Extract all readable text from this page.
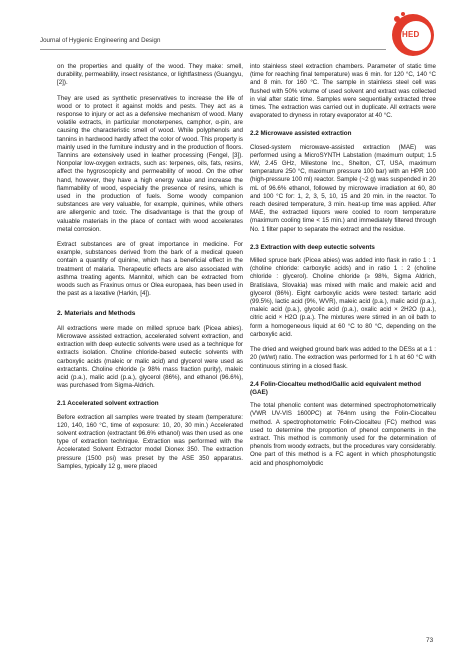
Journal of Hygienic Engineering and Design
HED

on the properties and quality of the wood. They make: smell, durability, permeability, insect resistance, or lightfastness (Guangyu, [2]).

They are used as synthetic preservatives to increase the life of wood or to protect it against molds and pests. They act as a response to injury or act as a defensive mechanism of wood. Many volatile extracts, in particular monoterpenes, camphor, α-pin, are causing the characteristic smell of wood. While polyphenols and tannins in hardwood hardly affect the color of wood. This property is mainly used in the furniture industry and in the production of floors. Tannins are extensively used in leather processing (Fengel, [3]). Nonpolar low-oxygen extracts, such as: terpenes, oils, fats, resins, affect the hygroscopicity and permeability of wood. On the other hand, however, they have a high energy value and increase the flammability of wood, especially the presence of resins, which is used in the production of fuels. Some woody companion substances are very valuable, for example, quinines, while others are allergenic and toxic. The disadvantage is that the group of valuable materials in the place of contact with wood accelerates metal corrosion.

Extract substances are of great importance in medicine. For example, substances derived from the bark of a medical queen contain a quantity of quinine, which has a beneficial effect in the treatment of malaria. Therapeutic effects are also associated with asthma treating agents. Mannitol, which can be extracted from woods such as Fraxinus ornus or Olea europaea, has been used in the past as a laxative (Harkin, [4]).

2. Materials and Methods

All extractions were made on milled spruce bark (Picea abies). Microwave assisted extraction, accelerated solvent extraction, and extraction with deep eutectic solvents were used as a technique for extracts isolation. Choline chloride-based eutectic solvents with carboxylic acids (maleic or malic acid) and glycerol were used as extractants. Choline chloride (≥ 98% mass fraction purity), maleic acid (p.a.), malic acid (p.a.), glycerol (86%), and ethanol (96.6%), was purchased from Sigma-Aldrich.

2.1 Accelerated solvent extraction

Before extraction all samples were treated by steam (temperature: 120, 140, 160 °C, time of exposure: 10, 20, 30 min.) Accelerated solvent extraction (extractant 96.6% ethanol) was then used as one type of extraction technique. Extraction was performed with the Accelerated Solvent Extractor model Dionex 350. The extraction pressure (1500 psi) was preset by the ASE 350 apparatus. Samples, typically 12 g, were placed

into stainless steel extraction chambers. Parameter of static time (time for reaching final temperature) was 6 min. for 120 °C, 140 °C and 8 min. for 160 °C. The sample in stainless steel cell was flushed with 50% volume of used solvent and extract was collected in vial after static time. Samples were sequentially extracted three times. The extraction was carried out in duplicate. All extracts were evaporated to dryness in rotary evaporator at 40 °C.

2.2 Microwave assisted extraction

Closed-system microwave-assisted extraction (MAE) was performed using a MicroSYNTH Labstation (maximum output; 1.5 kW, 2.45 GHz, Milestone Inc., Shelton, CT, USA, maximum temperature 250 °C, maximum pressure 100 bar) with an HPR 100 (high-pressure 100 ml) reactor. Sample (~2 g) was suspended in 20 mL of 96.6% ethanol, followed by microwave irradiation at 60, 80 and 100 °C for: 1, 2, 3, 5, 10, 15 and 20 min. in the reactor. To reach desired temperature, 3 min. heat-up time was applied. After MAE, the extracted liquors were cooled to room temperature (maximum cooling time < 15 min.) and immediately filtered through No. 1 filter paper to separate the extract and the residue.

2.3 Extraction with deep eutectic solvents

Milled spruce bark (Picea abies) was added into flask in ratio 1 : 1 (choline chloride: carboxylic acids) and in ratio 1 : 2 (choline chloride : glycerol). Choline chloride (≥ 98%, Sigma Aldrich, Bratislava, Slovakia) was mixed with malic and maleic acid and glycerol (86%). Eight carboxylic acids were tested: tartaric acid (99.5%), lactic acid (9%, WVR), maleic acid (p.a.), malic acid (p.a.), maleic acid (p.a.), glycolic acid (p.a.), oxalic acid × 2H2O (p.a.), citric acid × H2O (p.a.). The mixtures were stirred in an oil bath to form a homogeneous liquid at 60 °C to 80 °C, depending on the carboxylic acid.

The dried and weighed ground bark was added to the DESs at a 1 : 20 (wt/wt) ratio. The extraction was performed for 1 h at 60 °C with continuous stirring in a closed flask.

2.4 Folin-Ciocalteu method/Gallic acid equivalent method (GAE)

The total phenolic content was determined spectrophotometrically (VWR UV-VIS 1600PC) at 764nm using the Folin-Ciocalteu method. A spectrophotometric Folin-Ciocalteu (FC) method was used to determine the proportion of phenol components in the extract. This method is commonly used for the determination of phenols from woody extracts, but the procedures vary considerably. One part of this method is a FC agent in which phosphotungstic acid and phosphomolybdic

73
